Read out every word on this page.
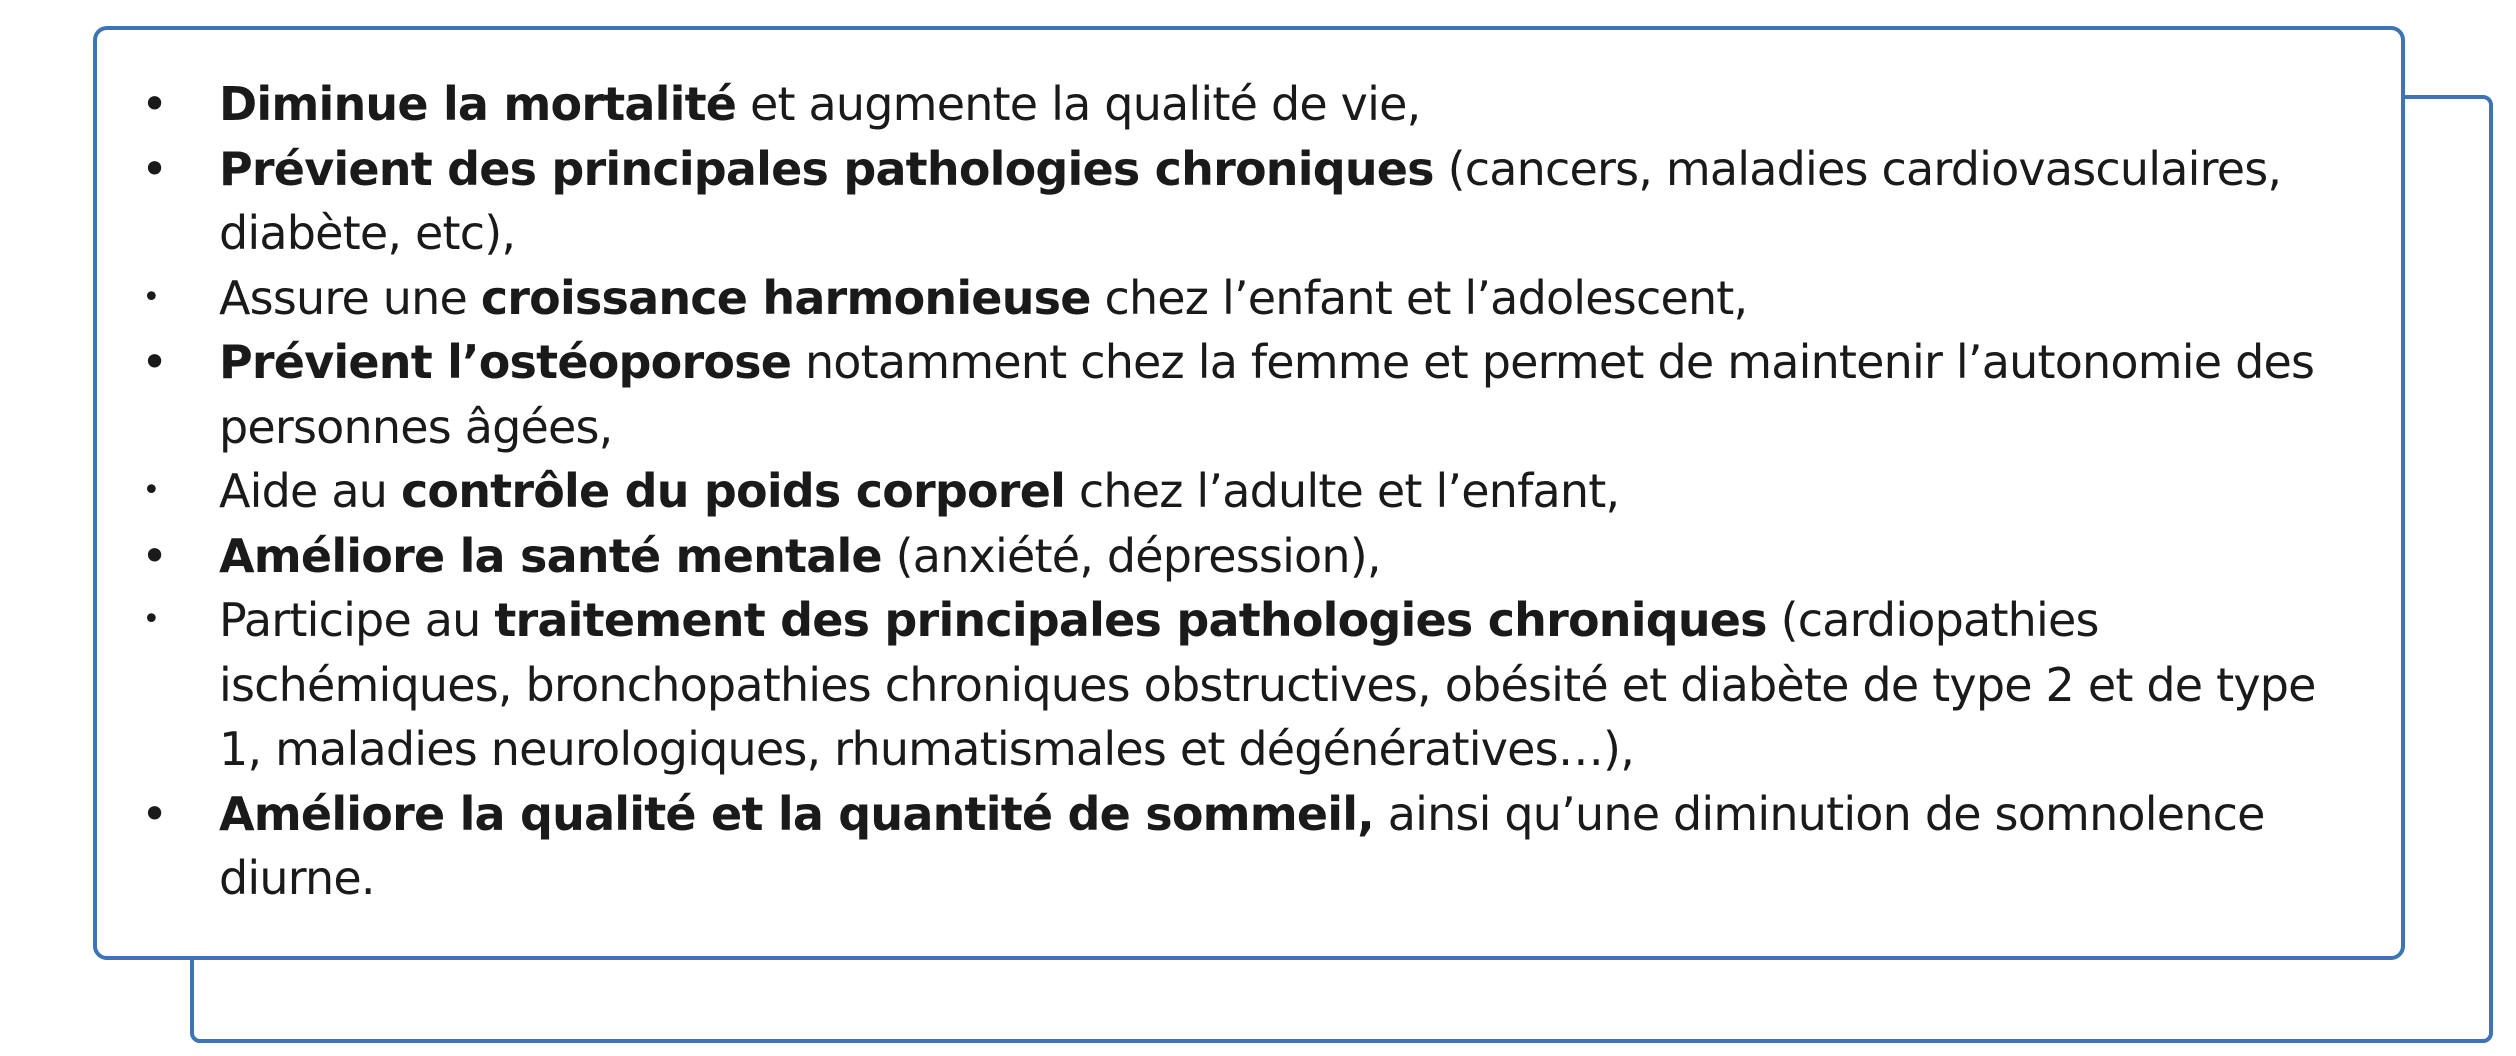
• Diminue la mortalité et augmente la qualité de vie,
• Prévient des principales pathologies chroniques (cancers, maladies cardiovasculaires, diabète, etc),
• Assure une croissance harmonieuse chez l’enfant et l’adolescent,
• Prévient l’ostéoporose notamment chez la femme et permet de maintenir l’autonomie des personnes âgées,
• Aide au contrôle du poids corporel chez l’adulte et l’enfant,
• Améliore la santé mentale (anxiété, dépression),
• Participe au traitement des principales pathologies chroniques (cardiopathies ischémiques, bronchopathies chroniques obstructives, obésité et diabète de type 2 et de type 1, maladies neurologiques, rhumatismales et dégénératives…),
• Améliore la qualité et la quantité de sommeil, ainsi qu’une diminution de somnolence diurne.
